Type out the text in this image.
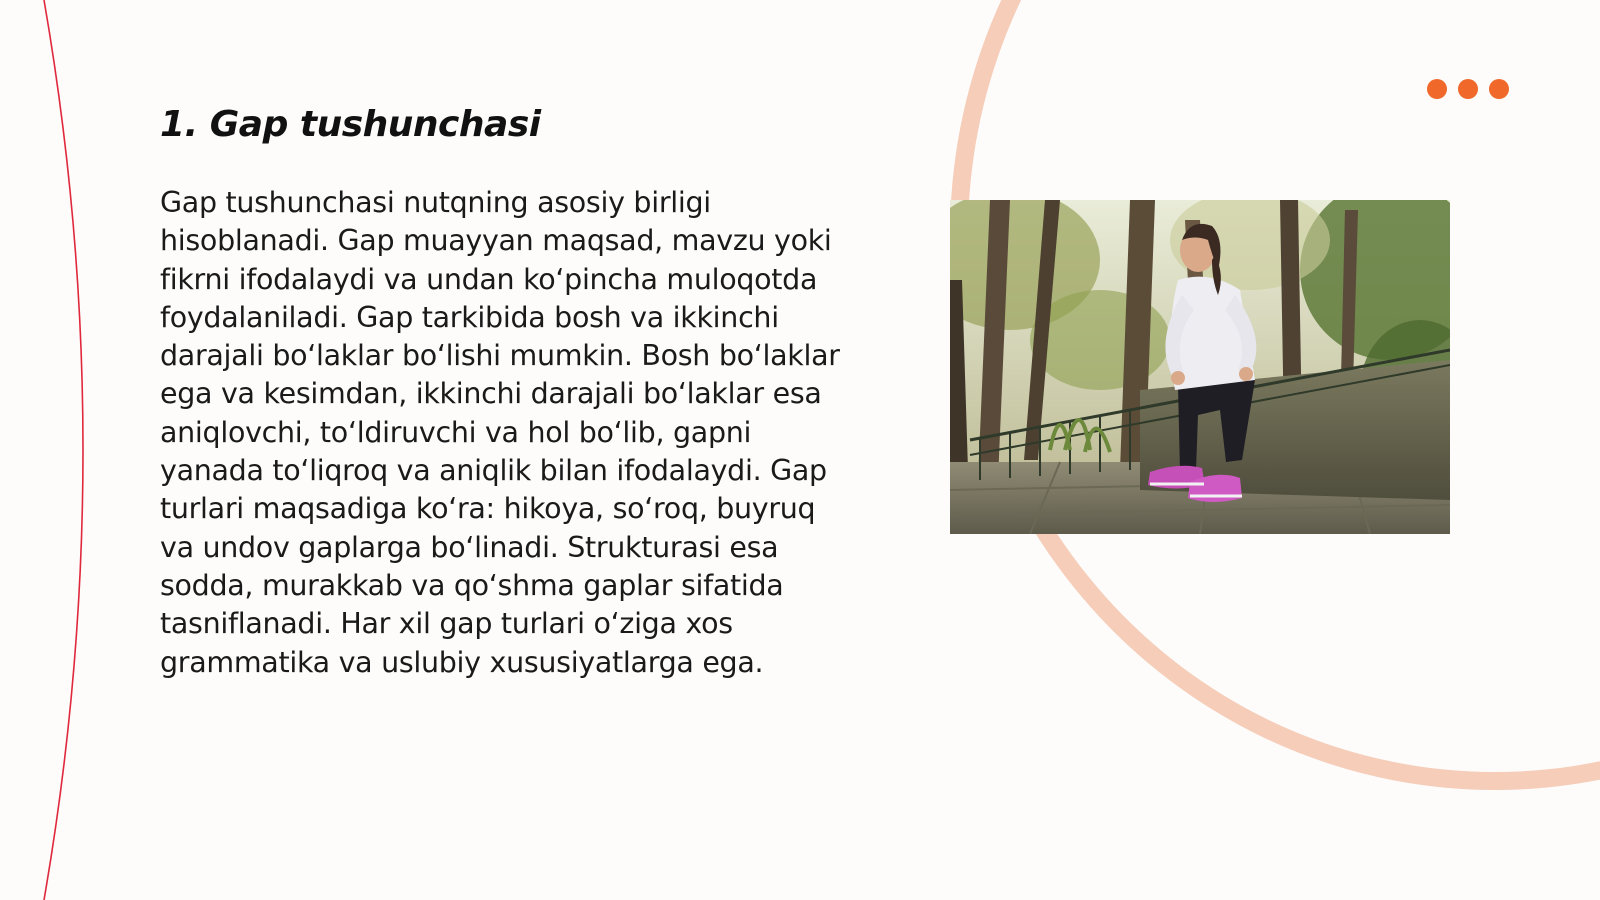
1. Gap tushunchasi

Gap tushunchasi nutqning asosiy birligi hisoblanadi. Gap muayyan maqsad, mavzu yoki fikrni ifodalaydi va undan ko‘pincha muloqotda foydalaniladi. Gap tarkibida bosh va ikkinchi darajali bo‘laklar bo‘lishi mumkin. Bosh bo‘laklar ega va kesimdan, ikkinchi darajali bo‘laklar esa aniqlovchi, to‘ldiruvchi va hol bo‘lib, gapni yanada to‘liqroq va aniqlik bilan ifodalaydi. Gap turlari maqsadiga ko‘ra: hikoya, so‘roq, buyruq va undov gaplarga bo‘linadi. Strukturasi esa sodda, murakkab va qo‘shma gaplar sifatida tasniflanadi. Har xil gap turlari o‘ziga xos grammatika va uslubiy xususiyatlarga ega.
